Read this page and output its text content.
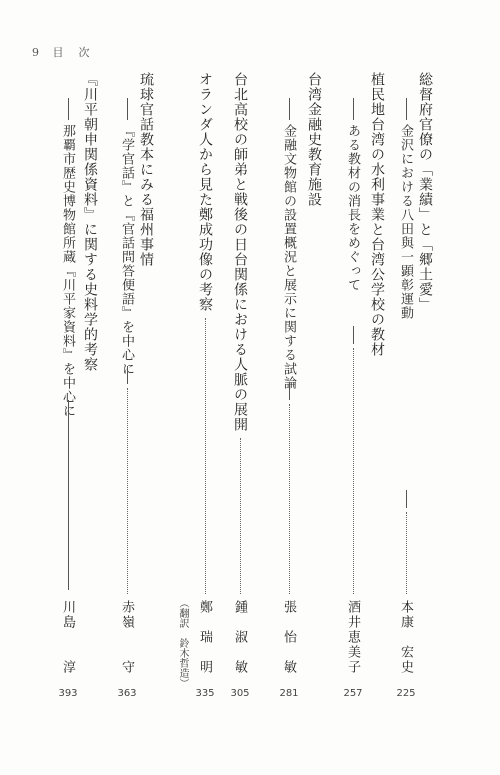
9 目　次
総督府官僚の「業績」と「郷土愛」
金沢における八田與一顕彰運動
本康　宏史
225
植民地台湾の水利事業と台湾公学校の教材
ある教材の消長をめぐって
酒井恵美子
257
台湾金融史教育施設
金融文物館の設置概況と展示に関する試論
張　怡　敏
281
台北高校の師弟と戦後の日台関係における人脈の展開
鍾　淑　敏
305
オランダ人から見た鄭成功像の考察
鄭　瑞　明
（翻訳　鈴木哲造）
335
琉球官話教本にみる福州事情
『学官話』と『官話問答便語』を中心に
赤嶺　　守
363
『川平朝申関係資料』に関する史料学的考察
那覇市歴史博物館所蔵『川平家資料』を中心に
川島　　淳
393
